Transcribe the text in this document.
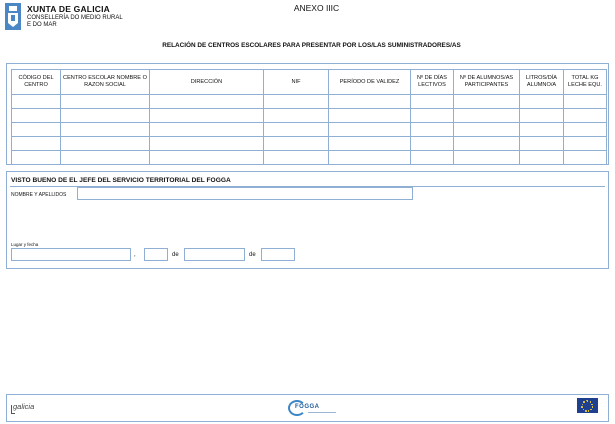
XUNTA DE GALICIA
CONSELLERÍA DO MEDIO RURAL
E DO MAR
ANEXO IIIC
RELACIÓN DE CENTROS ESCOLARES PARA PRESENTAR POR LOS/LAS SUMINISTRADORES/AS
CÓDIGO DEL CENTRO	CENTRO ESCOLAR NOMBRE O RAZON SOCIAL	DIRECCIÓN	NIF	PERÍODO DE VALIDEZ	Nº DE DÍAS LECTIVOS	Nº DE ALUMNOS/AS PARTICIPANTES	LITROS/DÍA ALUMNO/A	TOTAL KG LECHE EQU.

VISTO BUENO DE EL JEFE DEL SERVICIO TERRITORIAL DEL FOGGA
NOMBRE Y APELLIDOS
Lugar y fecha
,	de	de
galicia	FOGGA
